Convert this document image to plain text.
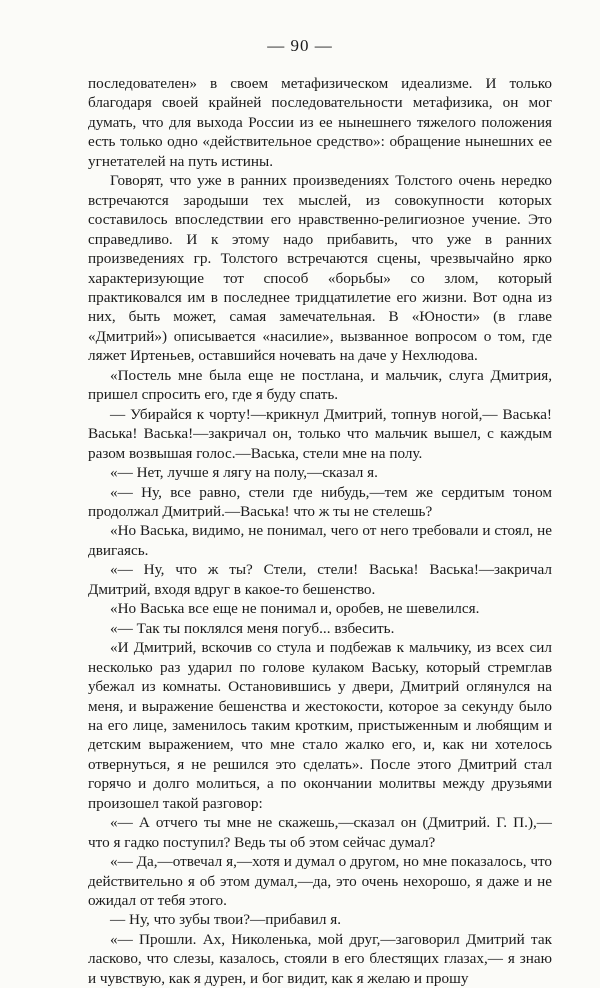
— 90 —

последователен» в своем метафизическом идеализме. И только благодаря своей крайней последовательности метафизика, он мог думать, что для выхода России из ее нынешнего тяжелого положения есть только одно «действительное средство»: обращение нынешних ее угнетателей на путь истины.

Говорят, что уже в ранних произведениях Толстого очень нередко встречаются зародыши тех мыслей, из совокупности которых составилось впоследствии его нравственно-религиозное учение. Это справедливо. И к этому надо прибавить, что уже в ранних произведениях гр. Толстого встречаются сцены, чрезвычайно ярко характеризующие тот способ «борьбы» со злом, который практиковался им в последнее тридцатилетие его жизни. Вот одна из них, быть может, самая замечательная. В «Юности» (в главе «Дмитрий») описывается «насилие», вызванное вопросом о том, где ляжет Иртеньев, оставшийся ночевать на даче у Нехлюдова.

«Постель мне была еще не постлана, и мальчик, слуга Дмитрия, пришел спросить его, где я буду спать.

— Убирайся к чорту!—крикнул Дмитрий, топнув ногой,— Васька! Васька! Васька!—закричал он, только что мальчик вышел, с каждым разом возвышая голос.—Васька, стели мне на полу.

«— Нет, лучше я лягу на полу,—сказал я.

«— Ну, все равно, стели где нибудь,—тем же сердитым тоном продолжал Дмитрий.—Васька! что ж ты не стелешь?

«Но Васька, видимо, не понимал, чего от него требовали и стоял, не двигаясь.

«— Ну, что ж ты? Стели, стели! Васька! Васька!—закричал Дмитрий, входя вдруг в какое-то бешенство.

«Но Васька все еще не понимал и, оробев, не шевелился.

«— Так ты поклялся меня погуб... взбесить.

«И Дмитрий, вскочив со стула и подбежав к мальчику, из всех сил несколько раз ударил по голове кулаком Ваську, который стремглав убежал из комнаты. Остановившись у двери, Дмитрий оглянулся на меня, и выражение бешенства и жестокости, которое за секунду было на его лице, заменилось таким кротким, пристыженным и любящим и детским выражением, что мне стало жалко его, и, как ни хотелось отвернуться, я не решился это сделать». После этого Дмитрий стал горячо и долго молиться, а по окончании молитвы между друзьями произошел такой разговор:

«— А отчего ты мне не скажешь,—сказал он (Дмитрий. Г. П.),— что я гадко поступил? Ведь ты об этом сейчас думал?

«— Да,—отвечал я,—хотя и думал о другом, но мне показалось, что действительно я об этом думал,—да, это очень нехорошо, я даже и не ожидал от тебя этого.

— Ну, что зубы твои?—прибавил я.

«— Прошли. Ах, Николенька, мой друг,—заговорил Дмитрий так ласково, что слезы, казалось, стояли в его блестящих глазах,— я знаю и чувствую, как я дурен, и бог видит, как я желаю и прошу
